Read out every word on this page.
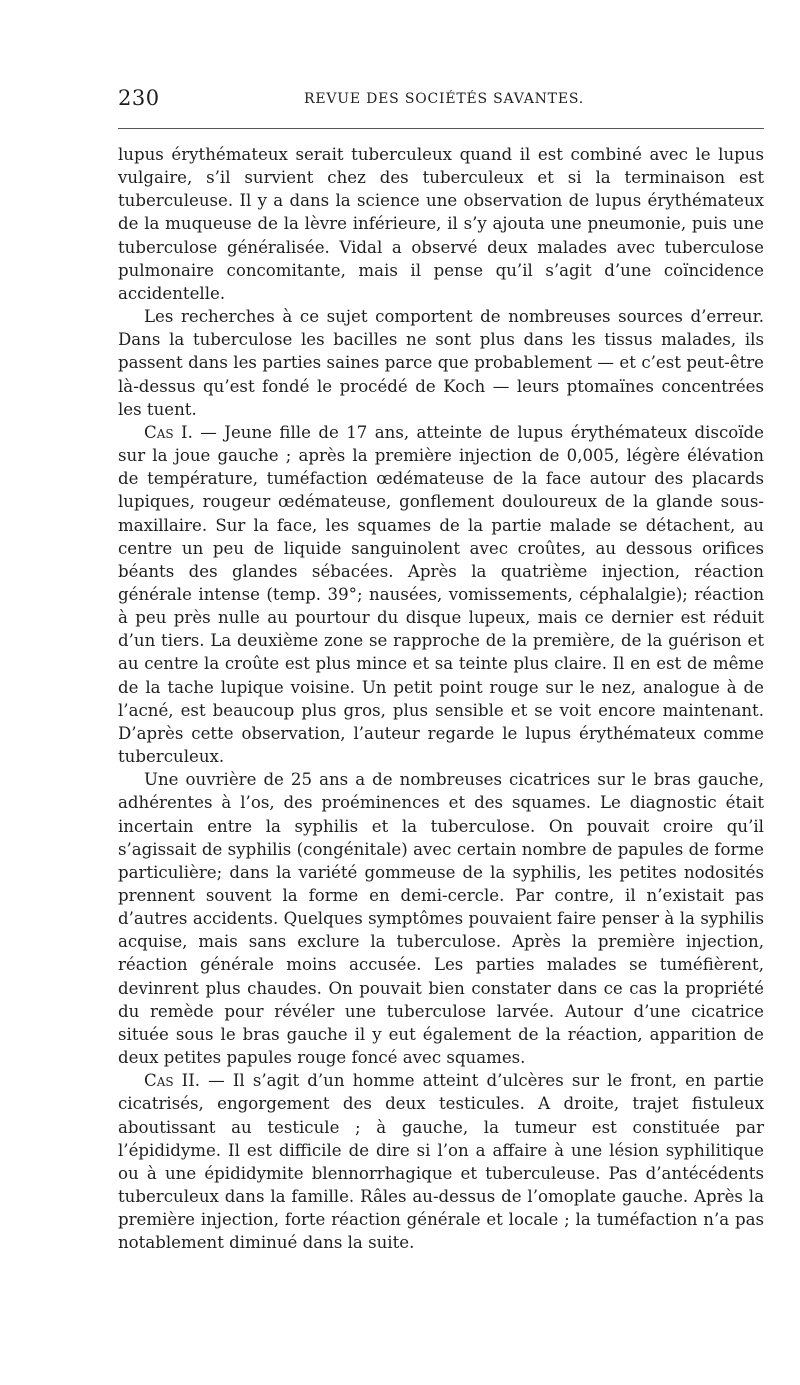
230	REVUE DES SOCIÉTÉS SAVANTES.

lupus érythémateux serait tuberculeux quand il est combiné avec le lupus vulgaire, s’il survient chez des tuberculeux et si la terminaison est tuberculeuse. Il y a dans la science une observation de lupus érythémateux de la muqueuse de la lèvre inférieure, il s’y ajouta une pneumonie, puis une tuberculose généralisée. Vidal a observé deux malades avec tuberculose pulmonaire concomitante, mais il pense qu’il s’agit d’une coïncidence accidentelle.

Les recherches à ce sujet comportent de nombreuses sources d’erreur. Dans la tuberculose les bacilles ne sont plus dans les tissus malades, ils passent dans les parties saines parce que probablement — et c’est peut-être là-dessus qu’est fondé le procédé de Koch — leurs ptomaïnes concentrées les tuent.

Cas I. — Jeune fille de 17 ans, atteinte de lupus érythémateux discoïde sur la joue gauche ; après la première injection de 0,005, légère élévation de température, tuméfaction œdémateuse de la face autour des placards lupiques, rougeur œdémateuse, gonflement douloureux de la glande sous-maxillaire. Sur la face, les squames de la partie malade se détachent, au centre un peu de liquide sanguinolent avec croûtes, au dessous orifices béants des glandes sébacées. Après la quatrième injection, réaction générale intense (temp. 39°; nausées, vomissements, céphalalgie); réaction à peu près nulle au pourtour du disque lupeux, mais ce dernier est réduit d’un tiers. La deuxième zone se rapproche de la première, de la guérison et au centre la croûte est plus mince et sa teinte plus claire. Il en est de même de la tache lupique voisine. Un petit point rouge sur le nez, analogue à de l’acné, est beaucoup plus gros, plus sensible et se voit encore maintenant. D’après cette observation, l’auteur regarde le lupus érythémateux comme tuberculeux.

Une ouvrière de 25 ans a de nombreuses cicatrices sur le bras gauche, adhérentes à l’os, des proéminences et des squames. Le diagnostic était incertain entre la syphilis et la tuberculose. On pouvait croire qu’il s’agissait de syphilis (congénitale) avec certain nombre de papules de forme particulière; dans la variété gommeuse de la syphilis, les petites nodosités prennent souvent la forme en demi-cercle. Par contre, il n’existait pas d’autres accidents. Quelques symptômes pouvaient faire penser à la syphilis acquise, mais sans exclure la tuberculose. Après la première injection, réaction générale moins accusée. Les parties malades se tuméfièrent, devinrent plus chaudes. On pouvait bien constater dans ce cas la propriété du remède pour révéler une tuberculose larvée. Autour d’une cicatrice située sous le bras gauche il y eut également de la réaction, apparition de deux petites papules rouge foncé avec squames.

Cas II. — Il s’agit d’un homme atteint d’ulcères sur le front, en partie cicatrisés, engorgement des deux testicules. A droite, trajet fistuleux aboutissant au testicule ; à gauche, la tumeur est constituée par l’épididyme. Il est difficile de dire si l’on a affaire à une lésion syphilitique ou à une épididymite blennorrhagique et tuberculeuse. Pas d’antécédents tuberculeux dans la famille. Râles au-dessus de l’omoplate gauche. Après la première injection, forte réaction générale et locale ; la tuméfaction n’a pas notablement diminué dans la suite.
